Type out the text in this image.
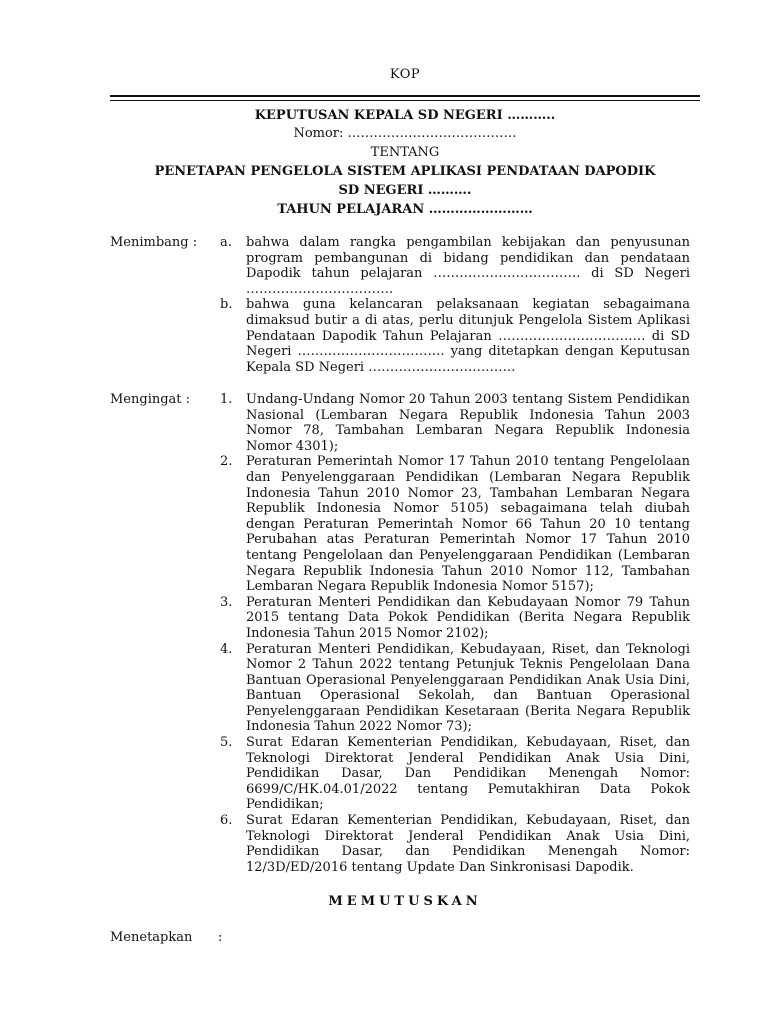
KOP
KEPUTUSAN KEPALA SD NEGERI ………..
Nomor: …………………………………
TENTANG
PENETAPAN PENGELOLA SISTEM APLIKASI PENDATAAN DAPODIK
SD NEGERI ……….
TAHUN PELAJARAN ……………………
Menimbang :	a.	bahwa dalam rangka pengambilan kebijakan dan penyusunan program pembangunan di bidang pendidikan dan pendataan Dapodik tahun pelajaran ……………………………. di SD Negeri …………………………….
b.	bahwa guna kelancaran pelaksanaan kegiatan sebagaimana dimaksud butir a di atas, perlu ditunjuk Pengelola Sistem Aplikasi Pendataan Dapodik Tahun Pelajaran ……………………………. di SD Negeri ……………………………. yang ditetapkan dengan Keputusan Kepala SD Negeri …………………………….
Mengingat :	1.	Undang-Undang Nomor 20 Tahun 2003 tentang Sistem Pendidikan Nasional (Lembaran Negara Republik Indonesia Tahun 2003 Nomor 78, Tambahan Lembaran Negara Republik Indonesia Nomor 4301);
2.	Peraturan Pemerintah Nomor 17 Tahun 2010 tentang Pengelolaan dan Penyelenggaraan Pendidikan (Lembaran Negara Republik Indonesia Tahun 2010 Nomor 23, Tambahan Lembaran Negara Republik Indonesia Nomor 5105) sebagaimana telah diubah dengan Peraturan Pemerintah Nomor 66 Tahun 20 10 tentang Perubahan atas Peraturan Pemerintah Nomor 17 Tahun 2010 tentang Pengelolaan dan Penyelenggaraan Pendidikan (Lembaran Negara Republik Indonesia Tahun 2010 Nomor 112, Tambahan Lembaran Negara Republik Indonesia Nomor 5157);
3.	Peraturan Menteri Pendidikan dan Kebudayaan Nomor 79 Tahun 2015 tentang Data Pokok Pendidikan (Berita Negara Republik Indonesia Tahun 2015 Nomor 2102);
4.	Peraturan Menteri Pendidikan, Kebudayaan, Riset, dan Teknologi Nomor 2 Tahun 2022 tentang Petunjuk Teknis Pengelolaan Dana Bantuan Operasional Penyelenggaraan Pendidikan Anak Usia Dini, Bantuan Operasional Sekolah, dan Bantuan Operasional Penyelenggaraan Pendidikan Kesetaraan (Berita Negara Republik Indonesia Tahun 2022 Nomor 73);
5.	Surat Edaran Kementerian Pendidikan, Kebudayaan, Riset, dan Teknologi Direktorat Jenderal Pendidikan Anak Usia Dini, Pendidikan Dasar, Dan Pendidikan Menengah Nomor: 6699/C/HK.04.01/2022 tentang Pemutakhiran Data Pokok Pendidikan;
6.	Surat Edaran Kementerian Pendidikan, Kebudayaan, Riset, dan Teknologi Direktorat Jenderal Pendidikan Anak Usia Dini, Pendidikan Dasar, dan Pendidikan Menengah Nomor: 12/3D/ED/2016 tentang Update Dan Sinkronisasi Dapodik.
MEMUTUSKAN
Menetapkan :
